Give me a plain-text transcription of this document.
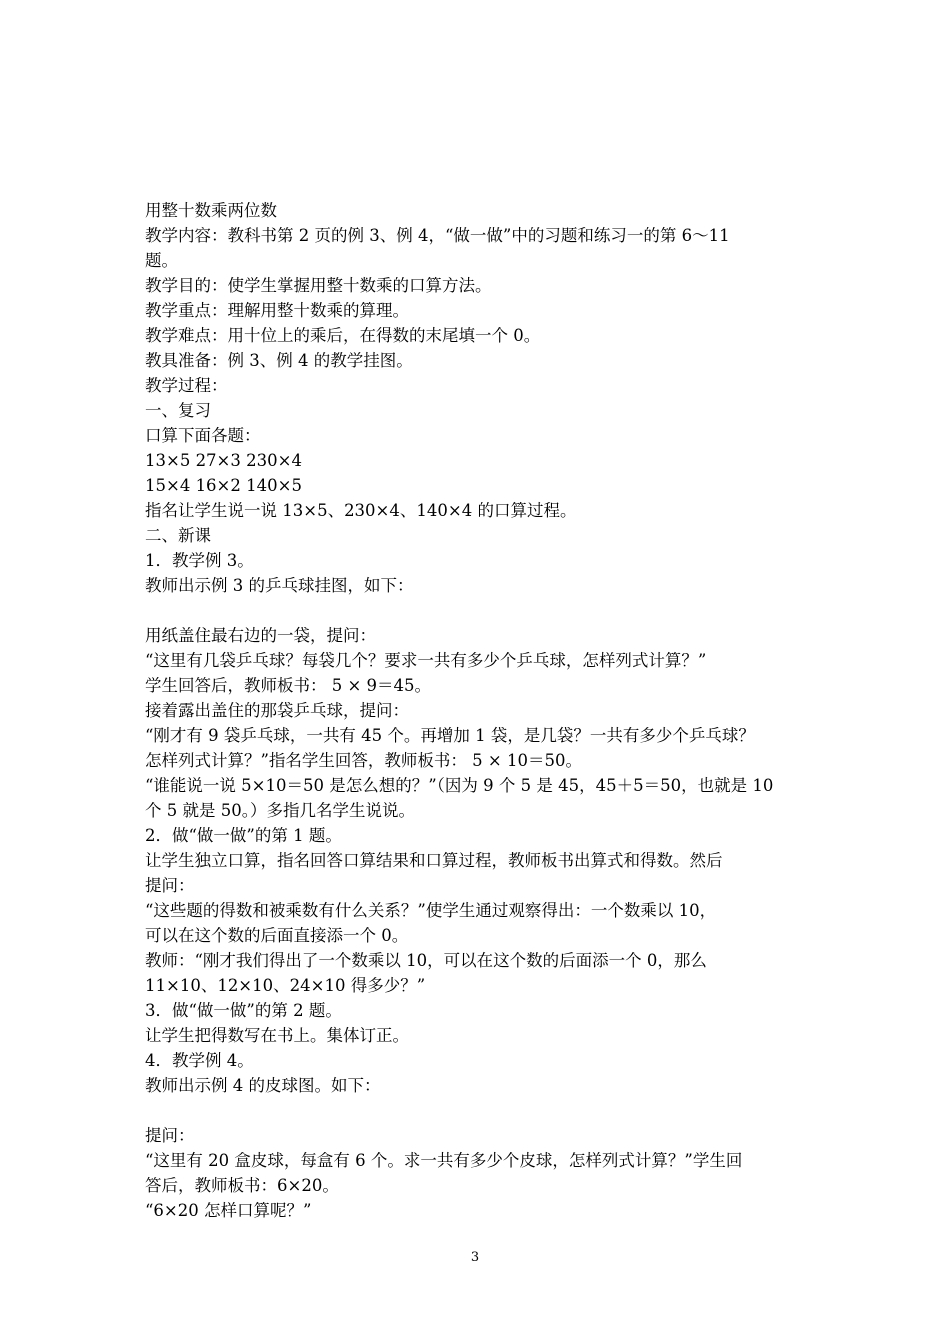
用整十数乘两位数
教学内容：教科书第 2 页的例 3、例 4，“做一做”中的习题和练习一的第 6～11
题。
教学目的：使学生掌握用整十数乘的口算方法。
教学重点：理解用整十数乘的算理。
教学难点：用十位上的乘后，在得数的末尾填一个 0。
教具准备：例 3、例 4 的教学挂图。
教学过程：
一、复习
口算下面各题：
13×5 27×3 230×4
15×4 16×2 140×5
指名让学生说一说 13×5、230×4、140×4 的口算过程。
二、新课
1．教学例 3。
教师出示例 3 的乒乓球挂图，如下：
用纸盖住最右边的一袋，提问：
“这里有几袋乒乓球？每袋几个？要求一共有多少个乒乓球，怎样列式计算？”
学生回答后，教师板书： 5 × 9＝45。
接着露出盖住的那袋乒乓球，提问：
“刚才有 9 袋乒乓球，一共有 45 个。再增加 1 袋，是几袋？一共有多少个乒乓球？
怎样列式计算？”指名学生回答，教师板书： 5 × 10＝50。
“谁能说一说 5×10＝50 是怎么想的？”（因为 9 个 5 是 45，45＋5＝50，也就是 10
个 5 就是 50。）多指几名学生说说。
2．做“做一做”的第 1 题。
让学生独立口算，指名回答口算结果和口算过程，教师板书出算式和得数。然后
提问：
“这些题的得数和被乘数有什么关系？”使学生通过观察得出：一个数乘以 10，
可以在这个数的后面直接添一个 0。
教师：“刚才我们得出了一个数乘以 10，可以在这个数的后面添一个 0，那么
11×10、12×10、24×10 得多少？”
3．做“做一做”的第 2 题。
让学生把得数写在书上。集体订正。
4．教学例 4。
教师出示例 4 的皮球图。如下：
提问：
“这里有 20 盒皮球，每盒有 6 个。求一共有多少个皮球，怎样列式计算？”学生回
答后，教师板书：6×20。
“6×20 怎样口算呢？”
3
